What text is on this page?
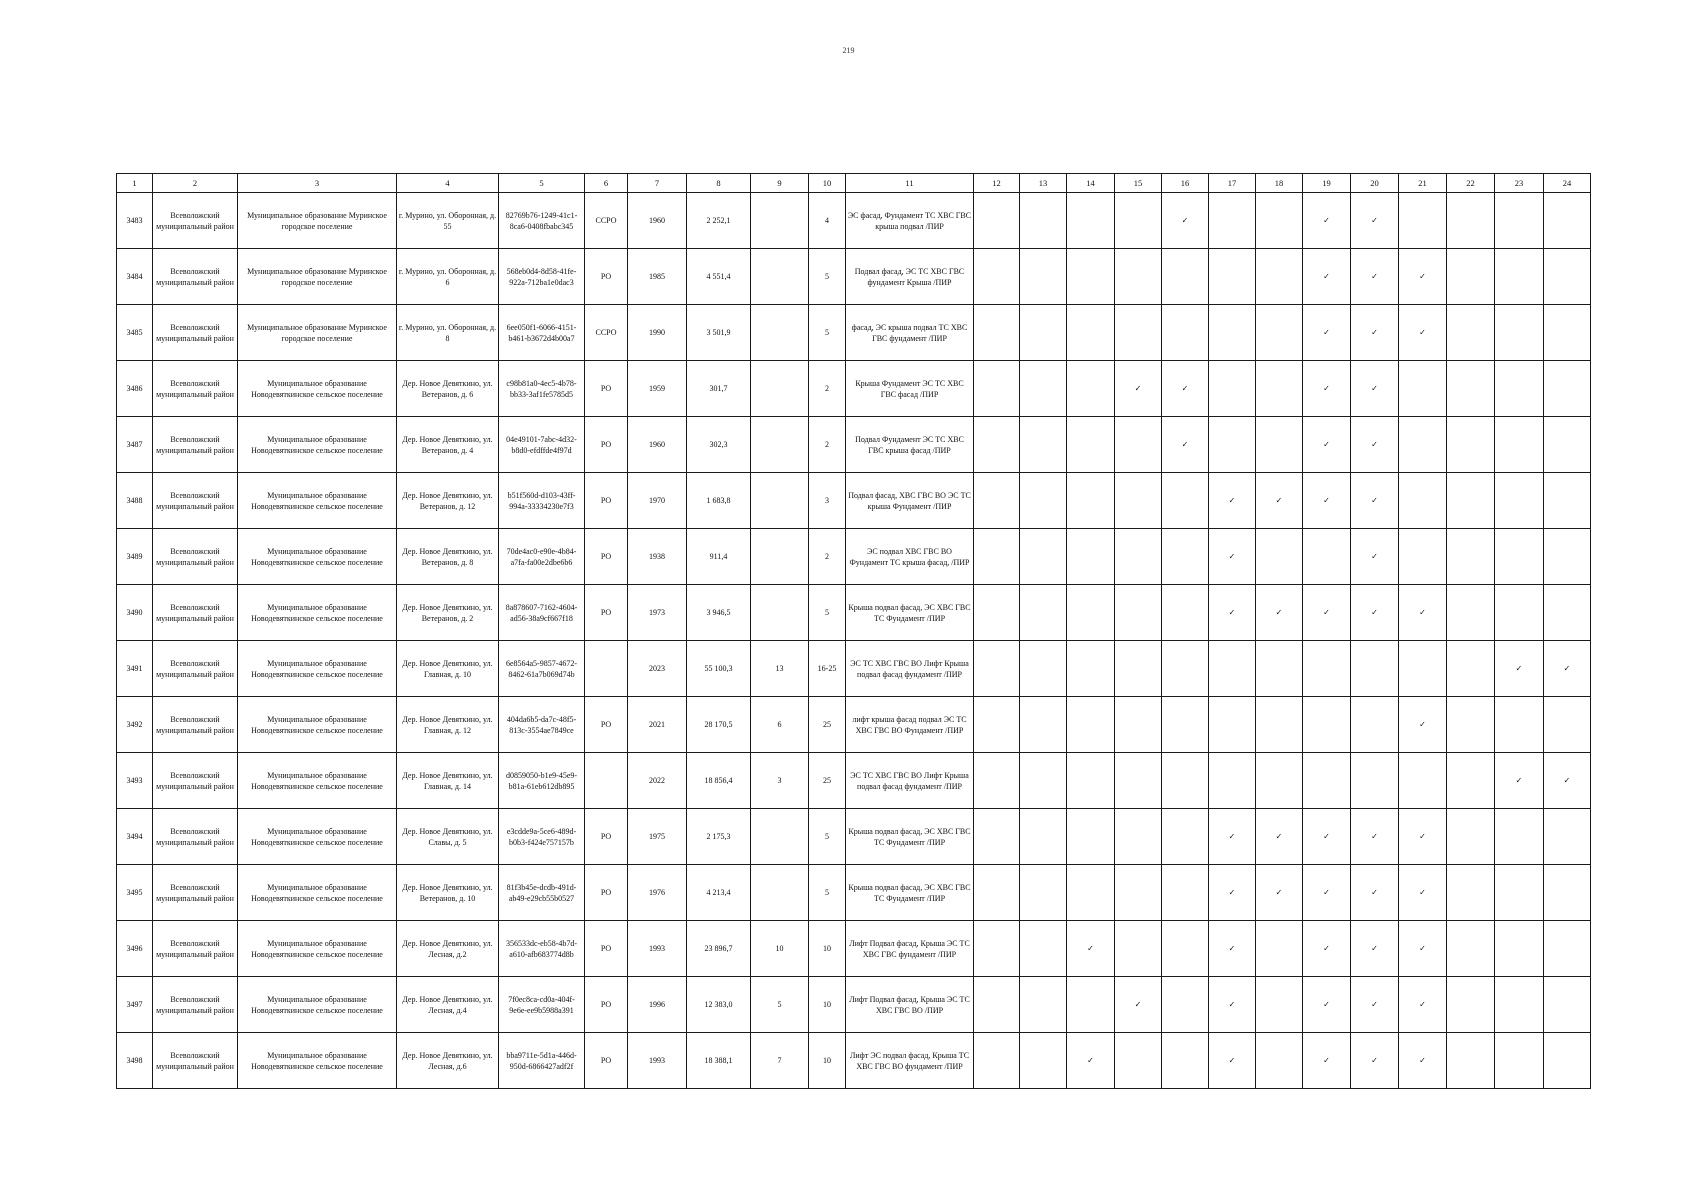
219
1	2	3	4	5	6	7	8	9	10	11	12	13	14	15	16	17	18	19	20	21	22	23	24
3483	Всеволожский муниципальный район	Муниципальное образование Муринское городское поселение	г. Мурино, ул. Оборонная, д. 55	82769b76-1249-41c1-8ca6-0408fbabc345	ССРО	1960	2 252,1		4	ЭС фасад, Фундамент ТС ХВС ГВС крыша подвал /ПИР					✓			✓	✓				
3484	Всеволожский муниципальный район	Муниципальное образование Муринское городское поселение	г. Мурино, ул. Оборонная, д. 6	568eb0d4-8d58-41fe-922a-712ba1e0dac3	РО	1985	4 551,4		5	Подвал фасад, ЭС ТС ХВС ГВС фундамент Крыша /ПИР								✓	✓	✓			
3485	Всеволожский муниципальный район	Муниципальное образование Муринское городское поселение	г. Мурино, ул. Оборонная, д. 8	6ee050f1-6066-4151-b461-b3672d4b00a7	ССРО	1990	3 501,9		5	фасад, ЭС крыша подвал ТС ХВС ГВС фундамент /ПИР								✓	✓	✓			
3486	Всеволожский муниципальный район	Муниципальное образование Новодевяткинское сельское поселение	Дер. Новое Девяткино, ул. Ветеранов, д. 6	c98b81a0-4ec5-4b78-bb33-3af1fe5785d5	РО	1959	301,7		2	Крыша Фундамент ЭС ТС ХВС ГВС фасад /ПИР				✓	✓			✓	✓				
3487	Всеволожский муниципальный район	Муниципальное образование Новодевяткинское сельское поселение	Дер. Новое Девяткино, ул. Ветеранов, д. 4	04e49101-7abc-4d32-b8d0-efdffde4f97d	РО	1960	302,3		2	Подвал Фундамент ЭС ТС ХВС ГВС крыша фасад /ПИР					✓			✓	✓				
3488	Всеволожский муниципальный район	Муниципальное образование Новодевяткинское сельское поселение	Дер. Новое Девяткино, ул. Ветеранов, д. 12	b51f560d-d103-43ff-994a-33334230e7f3	РО	1970	1 683,8		3	Подвал фасад, ХВС ГВС ВО ЭС ТС крыша Фундамент /ПИР						✓	✓	✓	✓				
3489	Всеволожский муниципальный район	Муниципальное образование Новодевяткинское сельское поселение	Дер. Новое Девяткино, ул. Ветеранов, д. 8	70de4ac0-e90e-4b84-a7fa-fa00e2dbe6b6	РО	1938	911,4		2	ЭС подвал ХВС ГВС ВО Фундамент ТС крыша фасад, /ПИР						✓			✓				
3490	Всеволожский муниципальный район	Муниципальное образование Новодевяткинское сельское поселение	Дер. Новое Девяткино, ул. Ветеранов, д. 2	8a878607-7162-4604-ad56-38a9cf667f18	РО	1973	3 946,5		5	Крыша подвал фасад, ЭС ХВС ГВС ТС Фундамент /ПИР						✓	✓	✓	✓	✓			
3491	Всеволожский муниципальный район	Муниципальное образование Новодевяткинское сельское поселение	Дер. Новое Девяткино, ул. Главная, д. 10	6e8564a5-9857-4672-8462-61a7b069d74b		2023	55 100,3	13	16-25	ЭС ТС ХВС ГВС ВО Лифт Крыша подвал фасад фундамент /ПИР												✓	✓
3492	Всеволожский муниципальный район	Муниципальное образование Новодевяткинское сельское поселение	Дер. Новое Девяткино, ул. Главная, д. 12	404da6b5-da7c-48f5-813c-3554ae7849ce	РО	2021	28 170,5	6	25	лифт крыша фасад подвал ЭС ТС ХВС ГВС ВО Фундамент /ПИР										✓			
3493	Всеволожский муниципальный район	Муниципальное образование Новодевяткинское сельское поселение	Дер. Новое Девяткино, ул. Главная, д. 14	d0859050-b1e9-45e9-b81a-61eb612db895		2022	18 856,4	3	25	ЭС ТС ХВС ГВС ВО Лифт Крыша подвал фасад фундамент /ПИР												✓	✓
3494	Всеволожский муниципальный район	Муниципальное образование Новодевяткинское сельское поселение	Дер. Новое Девяткино, ул. Славы, д. 5	e3cdde9a-5ce6-489d-b0b3-f424e757157b	РО	1975	2 175,3		5	Крыша подвал фасад, ЭС ХВС ГВС ТС Фундамент /ПИР						✓	✓	✓	✓	✓			
3495	Всеволожский муниципальный район	Муниципальное образование Новодевяткинское сельское поселение	Дер. Новое Девяткино, ул. Ветеранов, д. 10	81f3b45e-dcdb-491d-ab49-e29cb55b0527	РО	1976	4 213,4		5	Крыша подвал фасад, ЭС ХВС ГВС ТС Фундамент /ПИР						✓	✓	✓	✓	✓			
3496	Всеволожский муниципальный район	Муниципальное образование Новодевяткинское сельское поселение	Дер. Новое Девяткино, ул. Лесная, д.2	356533dc-eb58-4b7d-a610-afb683774d8b	РО	1993	23 896,7	10	10	Лифт Подвал фасад, Крыша ЭС ТС ХВС ГВС фундамент /ПИР			✓			✓		✓	✓	✓			
3497	Всеволожский муниципальный район	Муниципальное образование Новодевяткинское сельское поселение	Дер. Новое Девяткино, ул. Лесная, д.4	7f0ec8ca-cd0a-404f-9e6e-ee9b5988a391	РО	1996	12 383,0	5	10	Лифт Подвал фасад, Крыша ЭС ТС ХВС ГВС ВО /ПИР				✓		✓		✓	✓	✓			
3498	Всеволожский муниципальный район	Муниципальное образование Новодевяткинское сельское поселение	Дер. Новое Девяткино, ул. Лесная, д.6	bba9711e-5d1a-446d-950d-6866427adf2f	РО	1993	18 388,1	7	10	Лифт ЭС подвал фасад, Крыша ТС ХВС ГВС ВО фундамент /ПИР			✓			✓		✓	✓	✓			
